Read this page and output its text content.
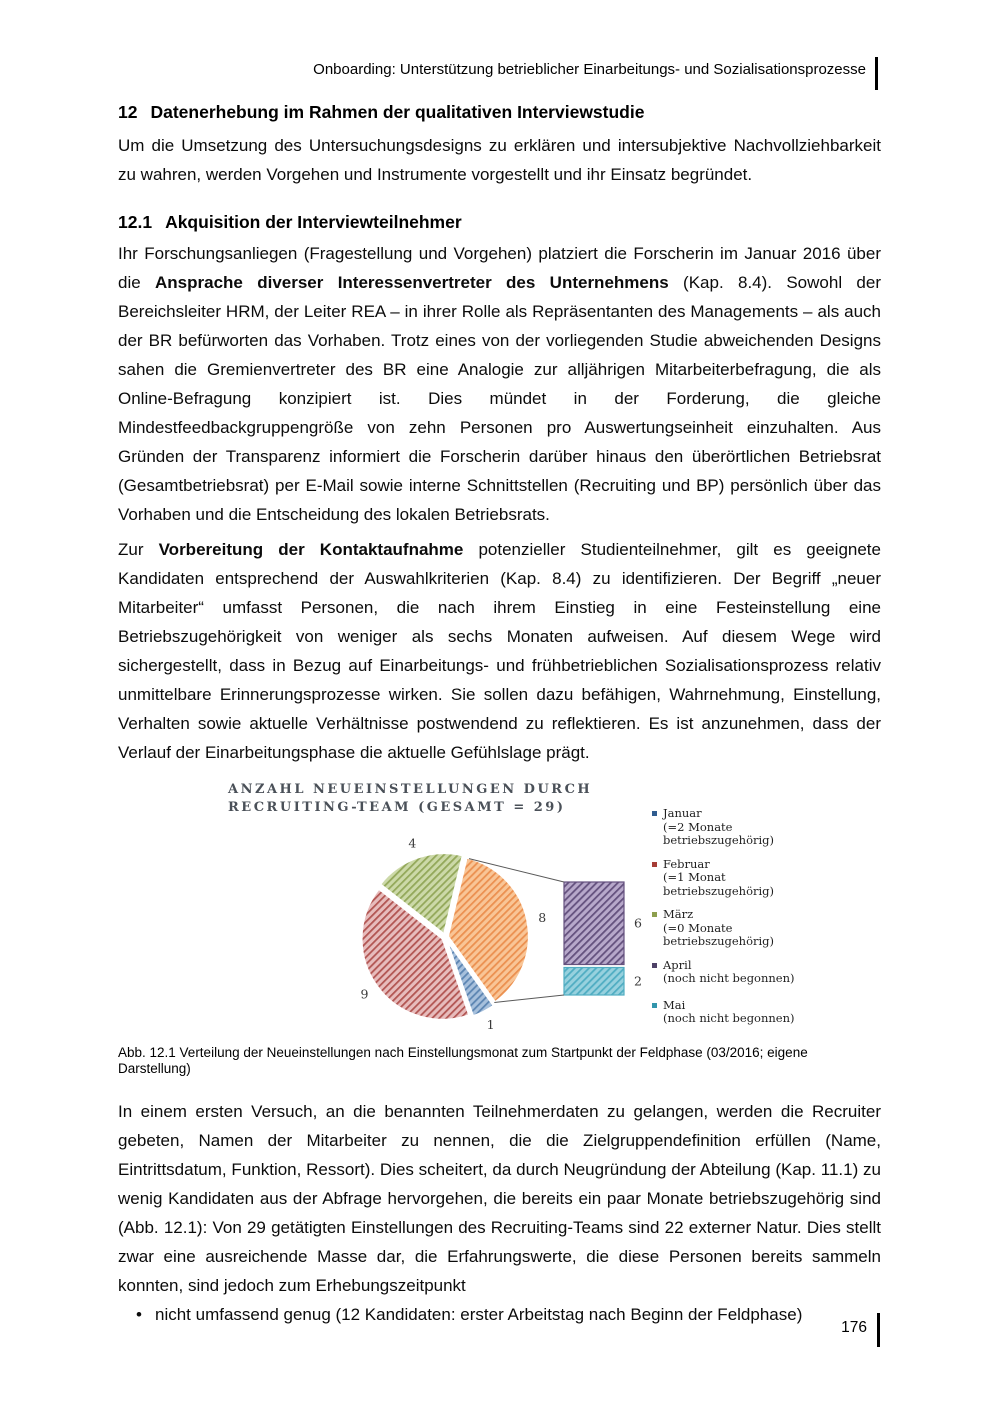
Onboarding: Unterstützung betrieblicher Einarbeitungs- und Sozialisationsprozesse
12 Datenerhebung im Rahmen der qualitativen Interviewstudie

Um die Umsetzung des Untersuchungsdesigns zu erklären und intersubjektive Nachvollziehbarkeit zu wahren, werden Vorgehen und Instrumente vorgestellt und ihr Einsatz begründet.

12.1 Akquisition der Interviewteilnehmer

Ihr Forschungsanliegen (Fragestellung und Vorgehen) platziert die Forscherin im Januar 2016 über die Ansprache diverser Interessenvertreter des Unternehmens (Kap. 8.4). Sowohl der Bereichsleiter HRM, der Leiter REA – in ihrer Rolle als Repräsentanten des Managements – als auch der BR befürworten das Vorhaben. Trotz eines von der vorliegenden Studie abweichenden Designs sahen die Gremienvertreter des BR eine Analogie zur alljährigen Mitarbeiterbefragung, die als Online-Befragung konzipiert ist. Dies mündet in der Forderung, die gleiche Mindestfeedbackgruppengröße von zehn Personen pro Auswertungseinheit einzuhalten. Aus Gründen der Transparenz informiert die Forscherin darüber hinaus den überörtlichen Betriebsrat (Gesamtbetriebsrat) per E-Mail sowie interne Schnittstellen (Recruiting und BP) persönlich über das Vorhaben und die Entscheidung des lokalen Betriebsrats.

Zur Vorbereitung der Kontaktaufnahme potenzieller Studienteilnehmer, gilt es geeignete Kandidaten entsprechend der Auswahlkriterien (Kap. 8.4) zu identifizieren. Der Begriff „neuer Mitarbeiter“ umfasst Personen, die nach ihrem Einstieg in eine Festeinstellung eine Betriebszugehörigkeit von weniger als sechs Monaten aufweisen. Auf diesem Wege wird sichergestellt, dass in Bezug auf Einarbeitungs- und frühbetrieblichen Sozialisationsprozess relativ unmittelbare Erinnerungsprozesse wirken. Sie sollen dazu befähigen, Wahrnehmung, Einstellung, Verhalten sowie aktuelle Verhältnisse postwendend zu reflektieren. Es ist anzunehmen, dass der Verlauf der Einarbeitungsphase die aktuelle Gefühlslage prägt.

ANZAHL NEUEINSTELLUNGEN DURCH
RECRUITING-TEAM (GESAMT = 29)
4
8
1
9
6
2
Januar
(=2 Monate
betriebszugehörig)
Februar
(=1 Monat
betriebszugehörig)
März
(=0 Monate
betriebszugehörig)
April
(noch nicht begonnen)
Mai
(noch nicht begonnen)

Abb. 12.1 Verteilung der Neueinstellungen nach Einstellungsmonat zum Startpunkt der Feldphase (03/2016; eigene Darstellung)

In einem ersten Versuch, an die benannten Teilnehmerdaten zu gelangen, werden die Recruiter gebeten, Namen der Mitarbeiter zu nennen, die die Zielgruppendefinition erfüllen (Name, Eintrittsdatum, Funktion, Ressort). Dies scheitert, da durch Neugründung der Abteilung (Kap. 11.1) zu wenig Kandidaten aus der Abfrage hervorgehen, die bereits ein paar Monate betriebszugehörig sind (Abb. 12.1): Von 29 getätigten Einstellungen des Recruiting-Teams sind 22 externer Natur. Dies stellt zwar eine ausreichende Masse dar, die Erfahrungswerte, die diese Personen bereits sammeln konnten, sind jedoch zum Erhebungszeitpunkt

• nicht umfassend genug (12 Kandidaten: erster Arbeitstag nach Beginn der Feldphase)
176
